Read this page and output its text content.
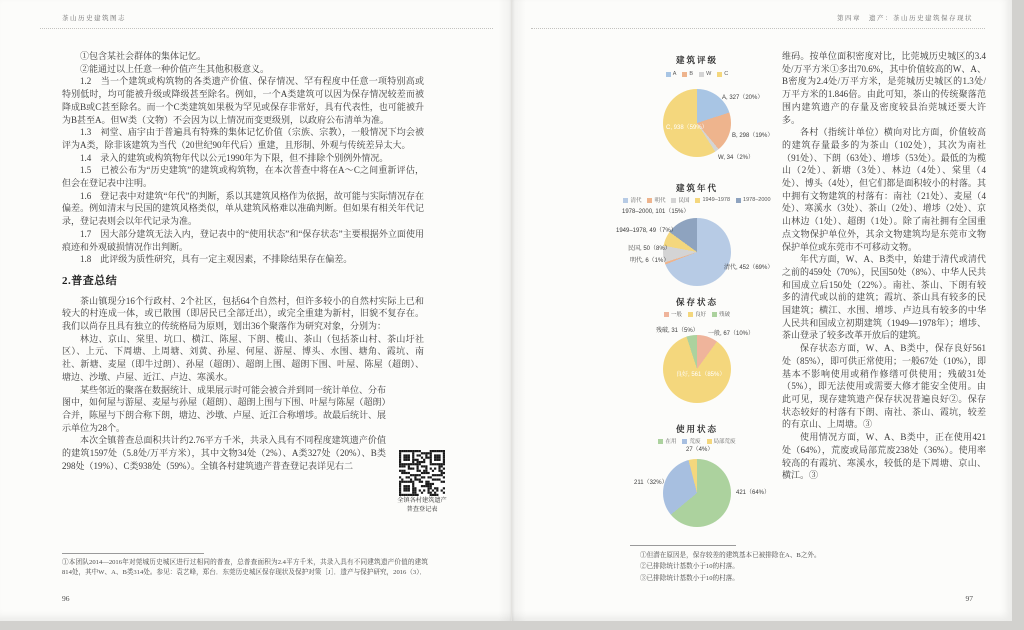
茶山历史建筑图志	第四章　遗产：茶山历史建筑保存现状

①包含某社会群体的集体记忆。

②能通过以上任意一种价值产生其他积极意义。

1.2　当一个建筑或构筑物的各类遗产价值、保存情况、罕有程度中任意一项特别高或特别低时，均可能被升级或降级甚至除名。例如，一个A类建筑可以因为保存情况较差而被降成B或C甚至除名。而一个C类建筑如果极为罕见或保存非常好，具有代表性，也可能被升为B甚至A。但W类（文物）不会因为以上情况而变更级别，以政府公布清单为准。

1.3　祠堂、庙宇由于普遍具有特殊的集体记忆价值（宗族、宗教），一般情况下均会被评为A类，除非该建筑为当代（20世纪90年代后）重建，且形制、外观与传统差异太大。

1.4　录入的建筑或构筑物年代以公元1990年为下限，但不排除个别例外情况。

1.5　已被公布为“历史建筑”的建筑或构筑物，在本次普查中将在A～C之间重新评估，但会在登记表中注明。

1.6　登记表中对建筑“年代”的判断，系以其建筑风格作为依据，故可能与实际情况存在偏差。例如清末与民国的建筑风格类似，单从建筑风格难以准确判断。但如果有相关年代记录，登记表则会以年代记录为准。

1.7　因大部分建筑无法入内，登记表中的“使用状态”和“保存状态”主要根据外立面使用痕迹和外观破损情况作出判断。

1.8　此评级为质性研究，具有一定主观因素，不排除结果存在偏差。

2.普查总结

茶山镇现分16个行政村、2个社区，包括64个自然村，但许多较小的自然村实际上已和较大的村连成一体，或已散围（即居民已全部迁出），或完全重建为新村，旧貌不复存在。我们以尚存且具有独立的传统格局为原则，划出36个聚落作为研究对象，分别为：

林边、京山、棠里、坑口、横江、陈屋、下朗、榄山、茶山（包括茶山村、茶山圩社区）、上元、下周塘、上周塘、刘黄、孙屋、何屋、游屋、博头、水围、塘角、霞坑、南社、新塘、麦屋（即牛过朗）、孙屋（超朗）、超朗上围、超朗下围、叶屋、陈屋（超朗）、塘边、沙墩、卢屋、近江、卢边、寒溪水。

某些邻近的聚落在数据统计、成果展示时可能会被合并到同一统计单位、分布图中，如何屋与游屋、麦屋与孙屋（超朗）、超朗上围与下围、叶屋与陈屋（超朗）合并，陈屋与下朗合称下朗，塘边、沙墩、卢屋、近江合称增埗。故最后统计、展示单位为28个。

本次全镇普查总面积共计约2.76平方千米，共录入具有不同程度建筑遗产价值的建筑1597处（5.8处/万平方米），其中文物34处（2%）、A类327处（20%）、B类298处（19%）、C类938处（59%）。全镇各村建筑遗产普查登记表详见右二

全镇各村建筑遗产
普查登记表
①本团队2014—2016年对莞城历史城区进行过相同的普查，总普查面积为2.4平方千米，共录入具有不同建筑遗产价值的建筑814处，其中W、A、B类314处。参见：袁艺峰，郑台．东莞历史城区保存现状及保护对策［J］．遗产与保护研究，2016（3）．
96
建筑评级
A B W C
A, 327（20%）
B, 298（19%）
W, 34（2%）
C, 938（59%）
建筑年代
清代 明代 民国 1949–1978 1978–2000
1978–2000, 101（15%）
1949–1978, 49（7%）
民国, 50（8%）
明代, 6（1%）
清代, 452（69%）
保存状态
一般 良好 残破
残破, 31（5%） 一般, 67（10%）
良好, 561（85%）
使用状态
在用 荒废 局部荒废
27（4%）
211（32%）
421（64%）

维码。按单位面积密度对比，比莞城历史城区的3.4处/万平方米①多出70.6%，其中价值较高的W、A、B密度为2.4处/万平方米，是莞城历史城区的1.3处/万平方米的1.846倍。由此可知，茶山的传统聚落范围内建筑遗产的存量及密度较县治莞城还要大许多。

各村（指统计单位）横向对比方面，价值较高的建筑存量最多的为茶山（102处），其次为南社（91处）、下朗（63处）、增埗（53处）。最低的为榄山（2处）、新塘（3处）、林边（4处）、棠里（4处）、博头（4处），但它们都是面积较小的村落。其中拥有文物建筑的村落有：南社（21处）、麦屋（4处）、寒溪水（3处）、茶山（2处）、增埗（2处）、京山林边（1处）、超朗（1处）。除了南社拥有全国重点文物保护单位外，其余文物建筑均是东莞市文物保护单位或东莞市不可移动文物。

年代方面，W、A、B类中，始建于清代或清代之前的459处（70%），民国50处（8%）、中华人民共和国成立后150处（22%）。南社、茶山、下朗有较多的清代或以前的建筑；霞坑、茶山具有较多的民国建筑；横江、水围、增埗、卢边具有较多的中华人民共和国成立初期建筑（1949—1978年）；增埗、茶山登录了较多改革开放后的建筑。

保存状态方面，W、A、B类中，保存良好561处（85%），即可供正常使用；一般67处（10%），即基本不影响使用或稍作修缮可供使用；残破31处（5%），即无法使用或需要大修才能安全使用。由此可见，现存建筑遗产保存状况普遍良好②。保存状态较好的村落有下朗、南社、茶山、霞坑，较差的有京山、上周塘。③

使用情况方面，W、A、B类中，正在使用421处（64%），荒废或局部荒废238处（36%）。使用率较高的有霞坑、寒溪水，较低的是下周塘、京山、横江。③

①但潜在原因是，保存较差的建筑基本已被排除在A、B之外。
②已排除统计基数小于10的村落。
③已排除统计基数小于10的村落。
97
